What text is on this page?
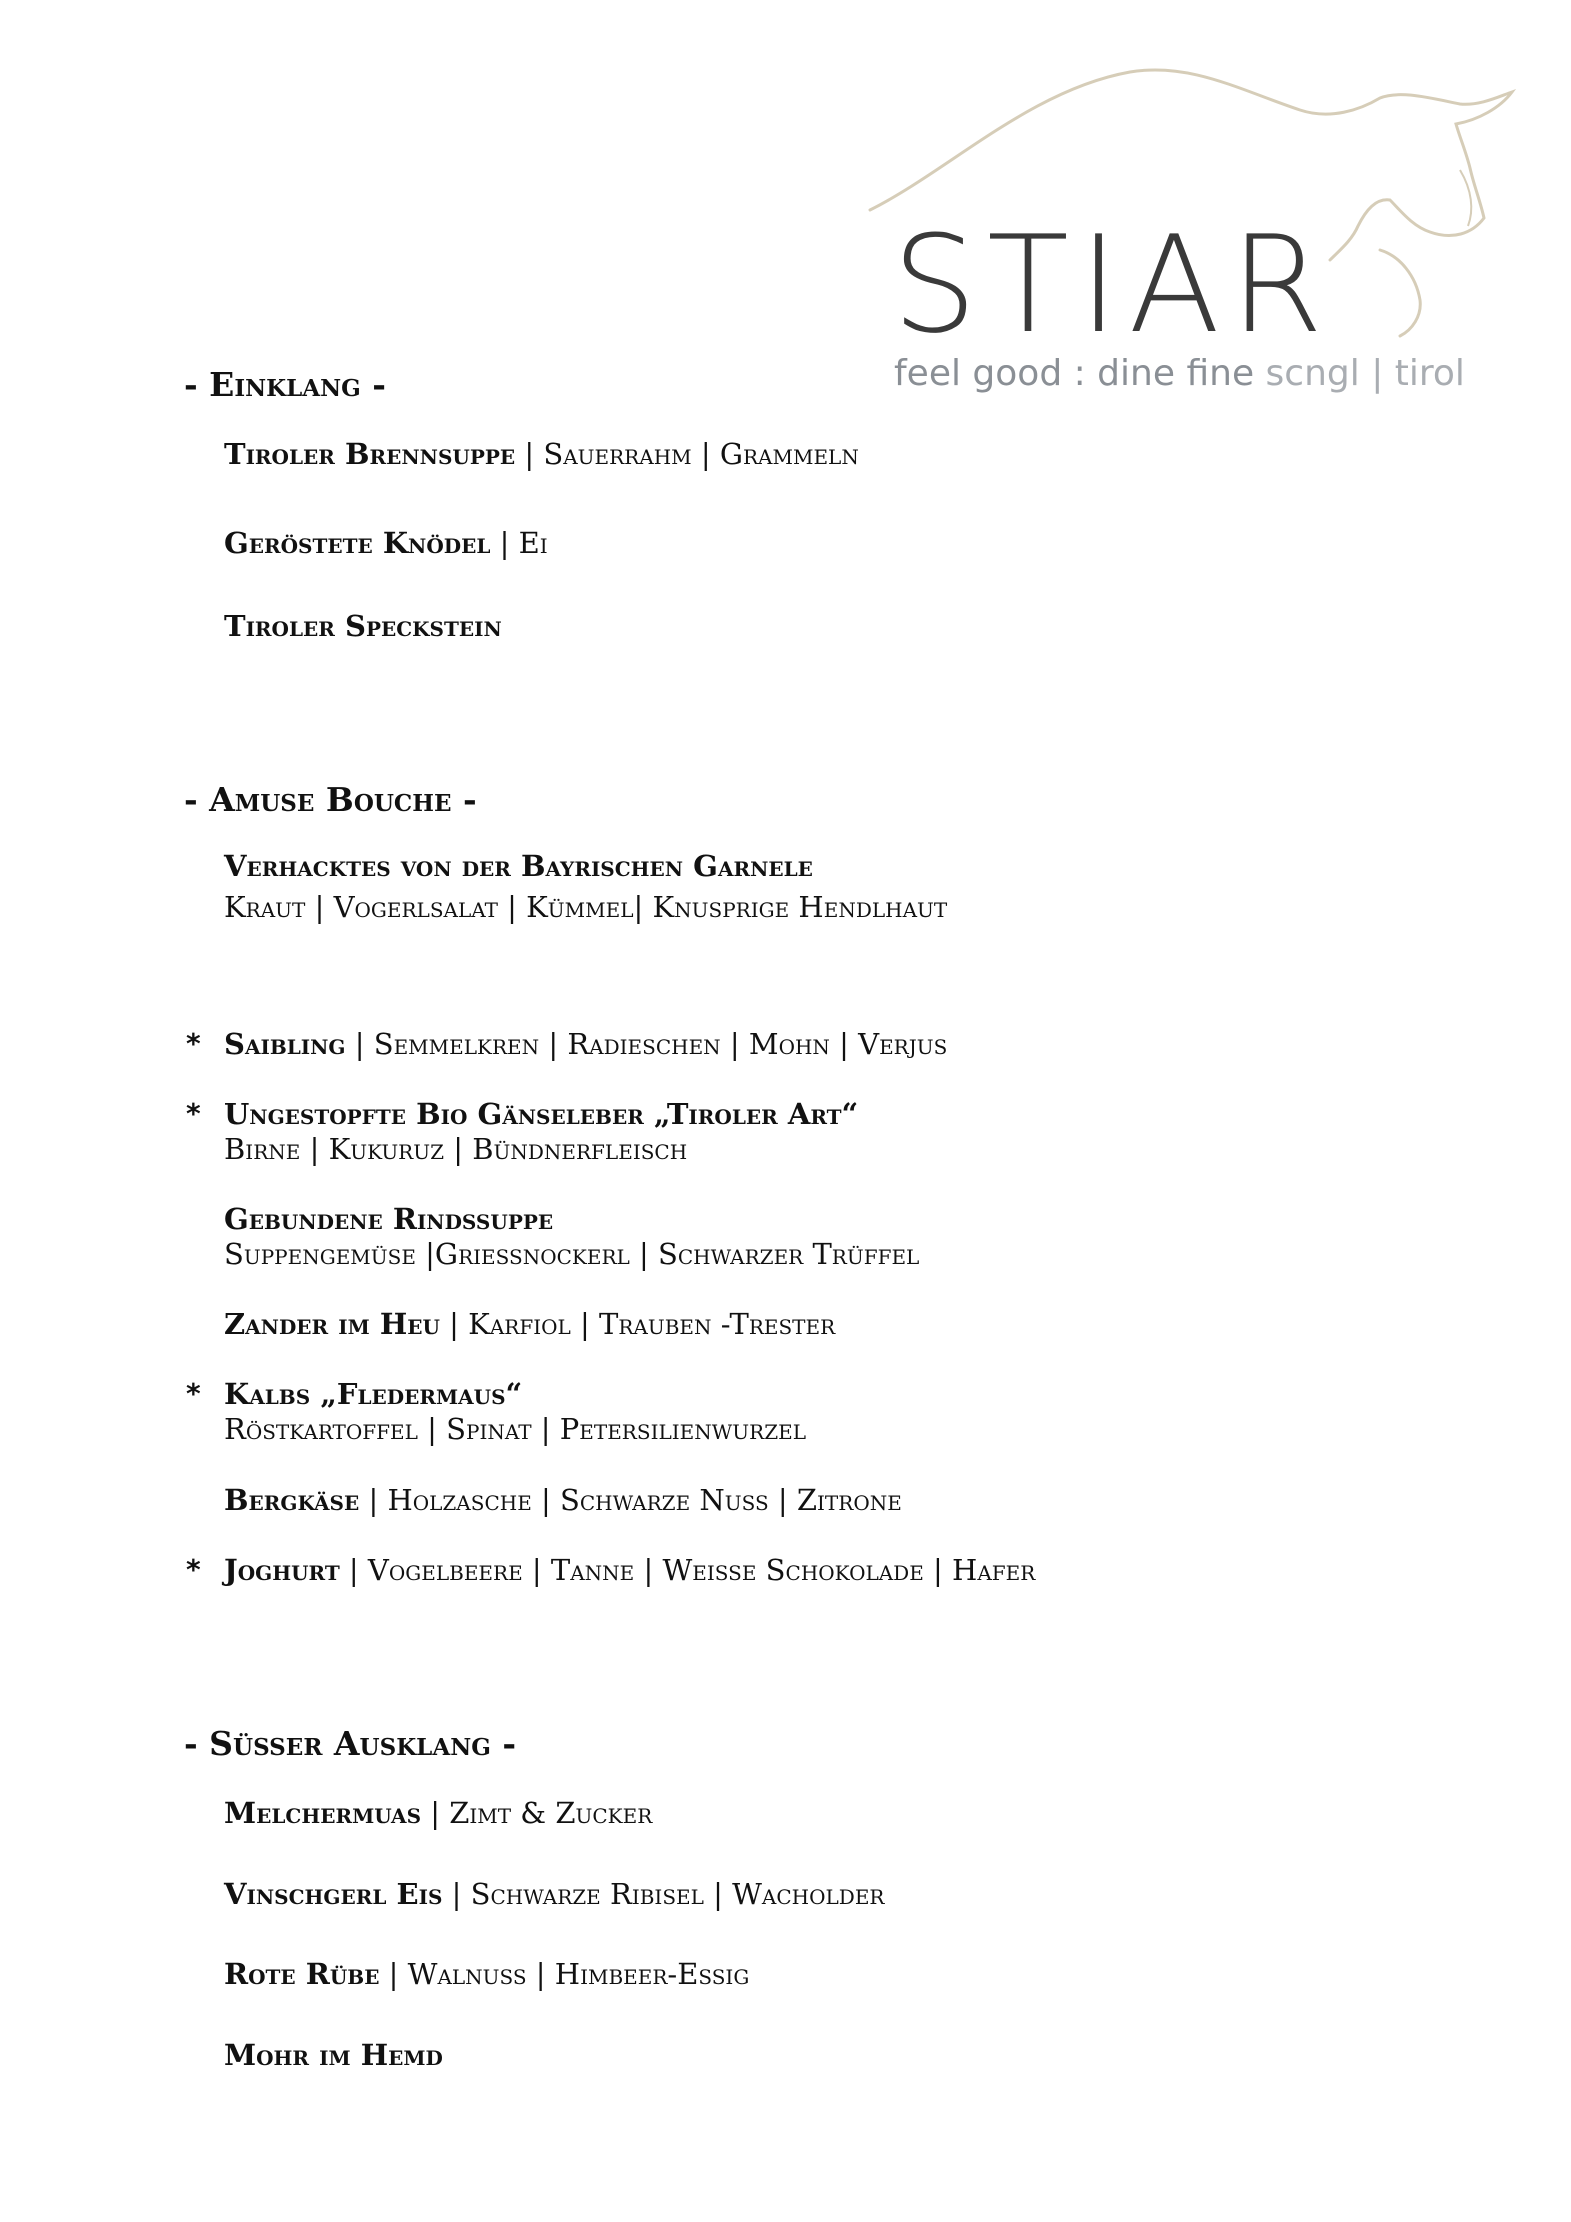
STIAR
feel good : dine fine scngl | tirol
- Einklang -
Tiroler Brennsuppe | Sauerrahm | Grammeln
Geröstete Knödel | Ei
Tiroler Speckstein
- Amuse Bouche -
Verhacktes von der Bayrischen Garnele
Kraut | Vogerlsalat | Kümmel| Knusprige Hendlhaut
* Saibling | Semmelkren | Radieschen | Mohn | Verjus
* Ungestopfte Bio Gänseleber „Tiroler Art“
Birne | Kukuruz | Bündnerfleisch
Gebundene Rindssuppe
Suppengemüse |Griessnockerl | Schwarzer Trüffel
Zander im Heu | Karfiol | Trauben -Trester
* Kalbs „Fledermaus“
Röstkartoffel | Spinat | Petersilienwurzel
Bergkäse | Holzasche | Schwarze Nuss | Zitrone
* Joghurt | Vogelbeere | Tanne | Weisse Schokolade | Hafer
- Süsser Ausklang -
Melchermuas | Zimt & Zucker
Vinschgerl Eis | Schwarze Ribisel | Wacholder
Rote Rübe | Walnuss | Himbeer-Essig
Mohr im Hemd
